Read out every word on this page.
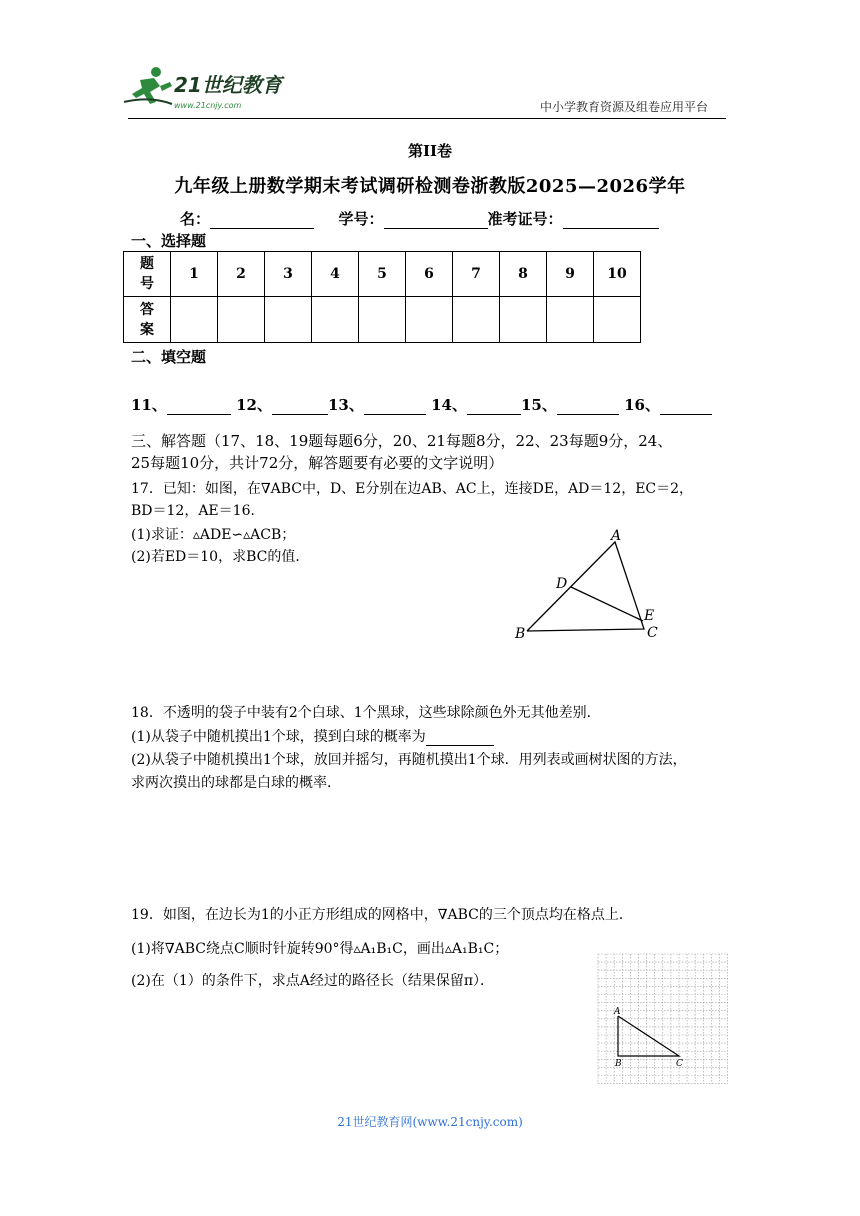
21世纪教育
www.21cnjy.com	中小学教育资源及组卷应用平台
第II卷
九年级上册数学期末考试调研检测卷浙教版2025—2026学年
名：	学号：	准考证号：
一、选择题
题
号	1	2	3	4	5	6	7	8	9	10
答
案										
二、填空题
11、	12、	13、	14、	15、	16、
三、解答题（17、18、19题每题6分，20、21每题8分，22、23每题9分，24、
25每题10分，共计72分，解答题要有必要的文字说明）
17．已知：如图，在∇ABC中，D、E分别在边AB、AC上，连接DE，AD＝12，EC＝2，
BD＝12，AE＝16．
(1)求证：▵ADE∽▵ACB；
(2)若ED＝10，求BC的值．
A
B	C
D
E
18．不透明的袋子中装有2个白球、1个黑球，这些球除颜色外无其他差别．
(1)从袋子中随机摸出1个球，摸到白球的概率为
(2)从袋子中随机摸出1个球，放回并摇匀，再随机摸出1个球．用列表或画树状图的方法，
求两次摸出的球都是白球的概率．
19．如图，在边长为1的小正方形组成的网格中，∇ABC的三个顶点均在格点上．
(1)将∇ABC绕点C顺时针旋转90°得▵A₁B₁C，画出▵A₁B₁C；
(2)在（1）的条件下，求点A经过的路径长（结果保留π）．
A
B	C
21世纪教育网(www.21cnjy.com)
